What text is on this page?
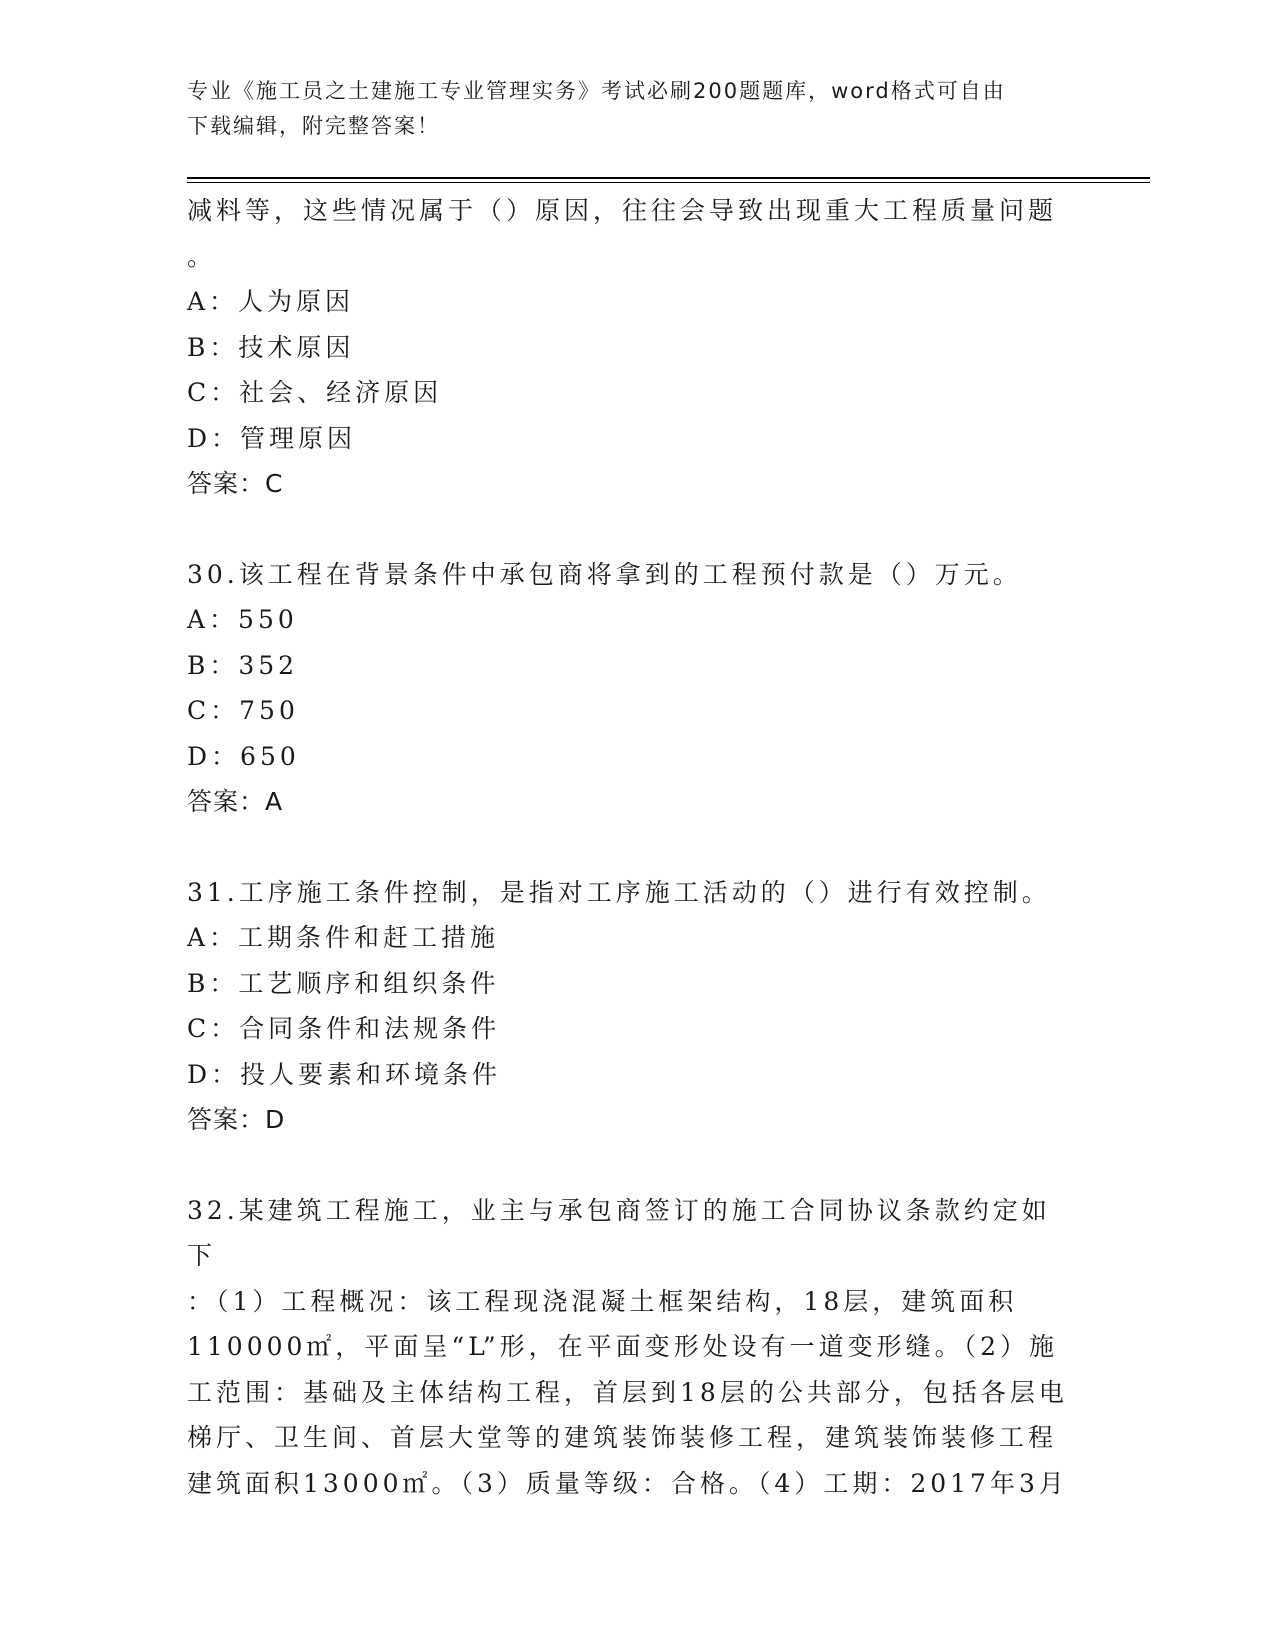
专业《施工员之土建施工专业管理实务》考试必刷200题题库，word格式可自由
下载编辑，附完整答案！

减料等，这些情况属于（）原因，往往会导致出现重大工程质量问题

。

A：人为原因

B：技术原因

C：社会、经济原因

D：管理原因

答案：C

30.该工程在背景条件中承包商将拿到的工程预付款是（）万元。

A：550

B：352

C：750

D：650

答案：A

31.工序施工条件控制，是指对工序施工活动的（）进行有效控制。

A：工期条件和赶工措施

B：工艺顺序和组织条件

C：合同条件和法规条件

D：投人要素和环境条件

答案：D

32.某建筑工程施工，业主与承包商签订的施工合同协议条款约定如下

：（1）工程概况：该工程现浇混凝土框架结构，18层，建筑面积

110000㎡，平面呈“L”形，在平面变形处设有一道变形缝。（2）施

工范围：基础及主体结构工程，首层到18层的公共部分，包括各层电

梯厅、卫生间、首层大堂等的建筑装饰装修工程，建筑装饰装修工程

建筑面积13000㎡。（3）质量等级：合格。（4）工期：2017年3月
